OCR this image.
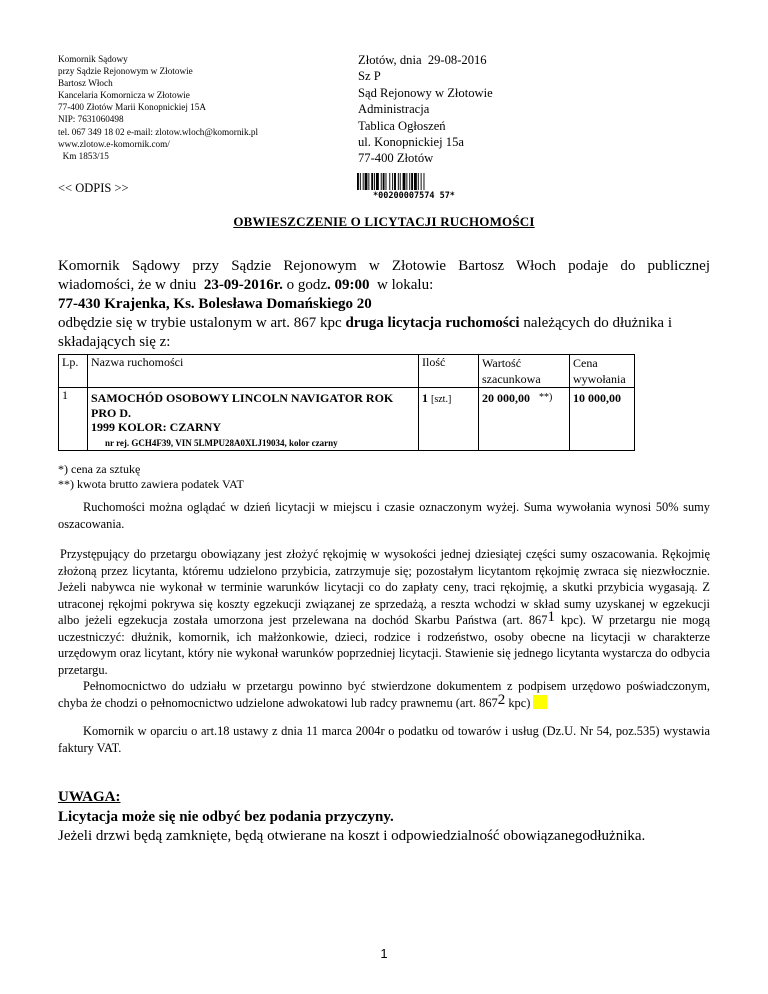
Komornik Sądowy
przy Sądzie Rejonowym w Złotowie
Bartosz Włoch
Kancelaria Komornicza w Złotowie
77-400 Złotów Marii Konopnickiej 15A
NIP: 7631060498
tel. 067 349 18 02 e-mail: zlotow.wloch@komornik.pl
www.zlotow.e-komornik.com/
Km 1853/15
Złotów, dnia  29-08-2016
Sz P
Sąd Rejonowy w Złotowie
Administracja
Tablica Ogłoszeń
ul. Konopnickiej 15a
77-400 Złotów
<< ODPIS >>
*00200007574 57*
OBWIESZCZENIE O LICYTACJI RUCHOMOŚCI

Komornik Sądowy przy Sądzie Rejonowym w Złotowie Bartosz Włoch podaje do publicznej

wiadomości, że w dniu  23-09-2016r. o godz. 09:00  w lokalu:

77-430 Krajenka, Ks. Bolesława Domańskiego 20

odbędzie się w trybie ustalonym w art. 867 kpc druga licytacja ruchomości należących do dłużnika i

składających się z:

Lp.	Nazwa ruchomości	Ilość	Wartość szacunkowa	Cena wywołania
1	SAMOCHÓD OSOBOWY LINCOLN NAVIGATOR ROK PRO D.
1999 KOLOR: CZARNY
nr rej. GCH4F39, VIN 5LMPU28A0XLJ19034, kolor czarny	1 [szt.]	20 000,00 **)	10 000,00
*) cena za sztukę
**) kwota brutto zawiera podatek VAT

Ruchomości można oglądać w dzień licytacji w miejscu i czasie oznaczonym wyżej. Suma wywołania wynosi 50% sumy oszacowania.

Przystępujący do przetargu obowiązany jest złożyć rękojmię w wysokości jednej dziesiątej części sumy oszacowania. Rękojmię złożoną przez licytanta, któremu udzielono przybicia, zatrzymuje się; pozostałym licytantom rękojmię zwraca się niezwłocznie. Jeżeli nabywca nie wykonał w terminie warunków licytacji co do zapłaty ceny, traci rękojmię, a skutki przybicia wygasają. Z utraconej rękojmi pokrywa się koszty egzekucji związanej ze sprzedażą, a reszta wchodzi w skład sumy uzyskanej w egzekucji albo jeżeli egzekucja została umorzona jest przelewana na dochód Skarbu Państwa (art. $867^1$ kpc). W przetargu nie mogą uczestniczyć: dłużnik, komornik, ich małżonkowie, dzieci, rodzice i rodzeństwo, osoby obecne na licytacji w charakterze urzędowym oraz licytant, który nie wykonał warunków poprzedniej licytacji. Stawienie się jednego licytanta wystarcza do odbycia przetargu.

Pełnomocnictwo do udziału w przetargu powinno być stwierdzone dokumentem z podpisem urzędowo poświadczonym, chyba że chodzi o pełnomocnictwo udzielone adwokatowi lub radcy prawnemu (art. $867^2$ kpc)

Komornik w oparciu o art.18 ustawy z dnia 11 marca 2004r o podatku od towarów i usług (Dz.U. Nr 54, poz.535) wystawia faktury VAT.

UWAGA:
Licytacja może się nie odbyć bez podania przyczyny.
Jeżeli drzwi będą zamknięte, będą otwierane na koszt i odpowiedzialność obowiązanegodłużnika.
1
